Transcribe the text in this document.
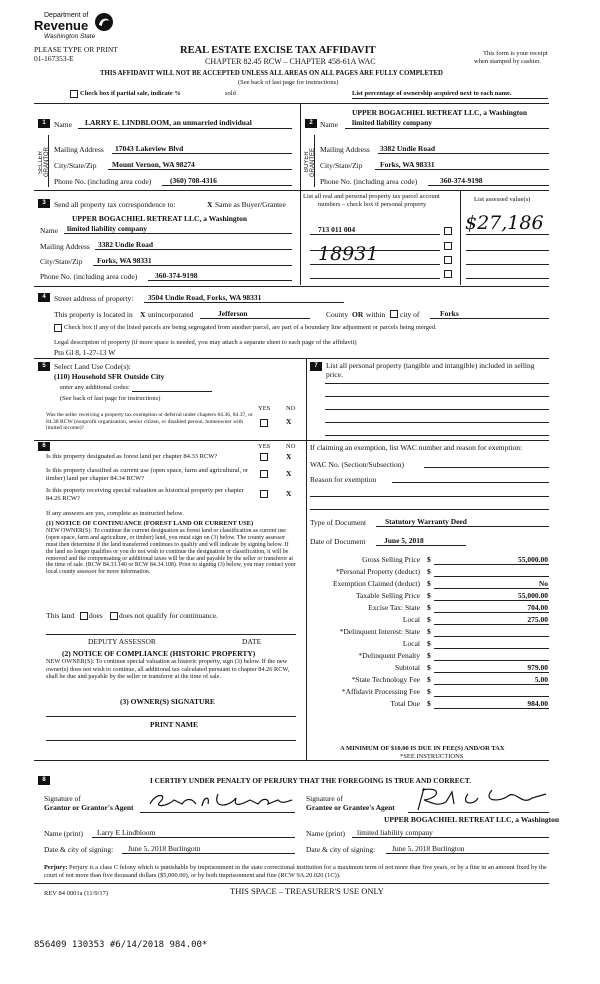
Department of
Revenue
Washington State
PLEASE TYPE OR PRINT
01-167353-E
REAL ESTATE EXCISE TAX AFFIDAVIT
CHAPTER 82.45 RCW – CHAPTER 458-61A WAC
This form is your receipt
when stamped by cashier.
THIS AFFIDAVIT WILL NOT BE ACCEPTED UNLESS ALL AREAS ON ALL PAGES ARE FULLY COMPLETED
(See back of last page for instructions)
Check box if partial sale, indicate %	sold	List percentage of ownership acquired next to each name.
1	Name LARRY E. LINDBLOOM, an unmarried individual
SELLER GRANTOR Mailing Address 17043 Lakeview Blvd
City/State/Zip Mount Vernon, WA 98274
Phone No. (including area code) (360) 708-4316
2 Name
UPPER BOGACHIEL RETREAT LLC, a Washington
limited liability company
BUYER GRANTEE Mailing Address 3382 Undie Road
City/State/Zip Forks, WA 98331
Phone No. (including area code)	360-374-9198
3	Send all property tax correspondence to:	X Same as Buyer/Grantee
UPPER BOGACHIEL RETREAT LLC, a Washington
Name limited liability company
Mailing Address 3382 Undie Road
City/State/Zip Forks, WA 98331
Phone No. (including area code) 360-374-9198
List all real and personal property tax parcel account
numbers – check box if personal property
List assessed value(s)
713 011 004	$27,186
18931
4	Street address of property: 3504 Undie Road, Forks, WA 98331
This property is located in X unincorporated	Jefferson	County OR within city of	Forks
Check box if any of the listed parcels are being segregated from another parcel, are part of a boundary line adjustment or parcels being merged.
Legal description of property (if more space is needed, you may attach a separate sheet to each page of the affidavit)
Ptn Gl 8, 1-27-13 W
5	Select Land Use Code(s):
(110) Household SFR Outside City
enter any additional codes:
(See back of last page for instructions)
YES NO
Was the seller receiving a property tax exemption or deferral under chapters 84.36, 84.37, or 84.38 RCW (nonprofit organization, senior citizen, or disabled person, homeowner with limited income)?
X
7	List all personal property (tangible and intangible) included in selling price.
6	YES NO
Is this property designated as forest land per chapter 84.33 RCW?	X
Is this property classified as current use (open space, farm and agricultural, or timber) land per chapter 84.34 RCW?
X
Is this property receiving special valuation as historical property per chapter 84.26 RCW?
X
If any answers are yes, complete as instructed below.
(1) NOTICE OF CONTINUANCE (FOREST LAND OR CURRENT USE)
NEW OWNER(S): To continue the current designation as forest land or classification as current use (open space, farm and agriculture, or timber) land, you must sign on (3) below. The county assessor must then determine if the land transferred continues to qualify and will indicate by signing below. If the land no longer qualifies or you do not wish to continue the designation or classification, it will be removed and the compensating or additional taxes will be due and payable by the seller or transferor at the time of sale. (RCW 84.33.140 or RCW 84.34.108). Prior to signing (3) below, you may contact your local county assessor for more information.
This land does does not qualify for continuance.
DEPUTY ASSESSOR	DATE
(2) NOTICE OF COMPLIANCE (HISTORIC PROPERTY)
NEW OWNER(S): To continue special valuation as historic property, sign (3) below. If the new owner(s) does not wish to continue, all additional tax calculated pursuant to chapter 84.26 RCW, shall be due and payable by the seller or transferor at the time of sale.
(3) OWNER(S) SIGNATURE
PRINT NAME
If claiming an exemption, list WAC number and reason for exemption:
WAC No. (Section/Subsection)
Reason for exemption
Type of Document	Statutory Warranty Deed
Date of Document June 5, 2018
Gross Selling Price $	55,000.00
*Personal Property (deduct) $
Exemption Claimed (deduct) $	No
Taxable Selling Price $	55,000.00
Excise Tax: State $	704.00
Local $	275.00
*Delinquent Interest: State $
Local $
*Delinquent Penalty $
Subtotal $	979.00
*State Technology Fee $	5.00
*Affidavit Processing Fee $
Total Due $	984.00
A MINIMUM OF $10.00 IS DUE IN FEE(S) AND/OR TAX
*SEE INSTRUCTIONS
8	I CERTIFY UNDER PENALTY OF PERJURY THAT THE FOREGOING IS TRUE AND CORRECT.
Signature of
Grantor or Grantor's Agent
Signature of
Grantee or Grantee's Agent
UPPER BOGACHIEL RETREAT LLC, a Washington
Name (print) Larry E Lindbloom	Name (print) limited liability company
Date & city of signing: June 5, 2018 Burlingotn	Date & city of signing: June 5, 2018 Burlington
Perjury: Perjury is a class C felony which is punishable by imprisonment in the state correctional institution for a maximum term of not more than five years, or by a fine in an amount fixed by the court of not more than five thousand dollars ($5,000.00), or by both imprisonment and fine (RCW 9A.20.020 (1C)).
REV 84 0001a (11/9/17)	THIS SPACE – TREASURER'S USE ONLY
856409 130353 #6/14/2018 984.00*
